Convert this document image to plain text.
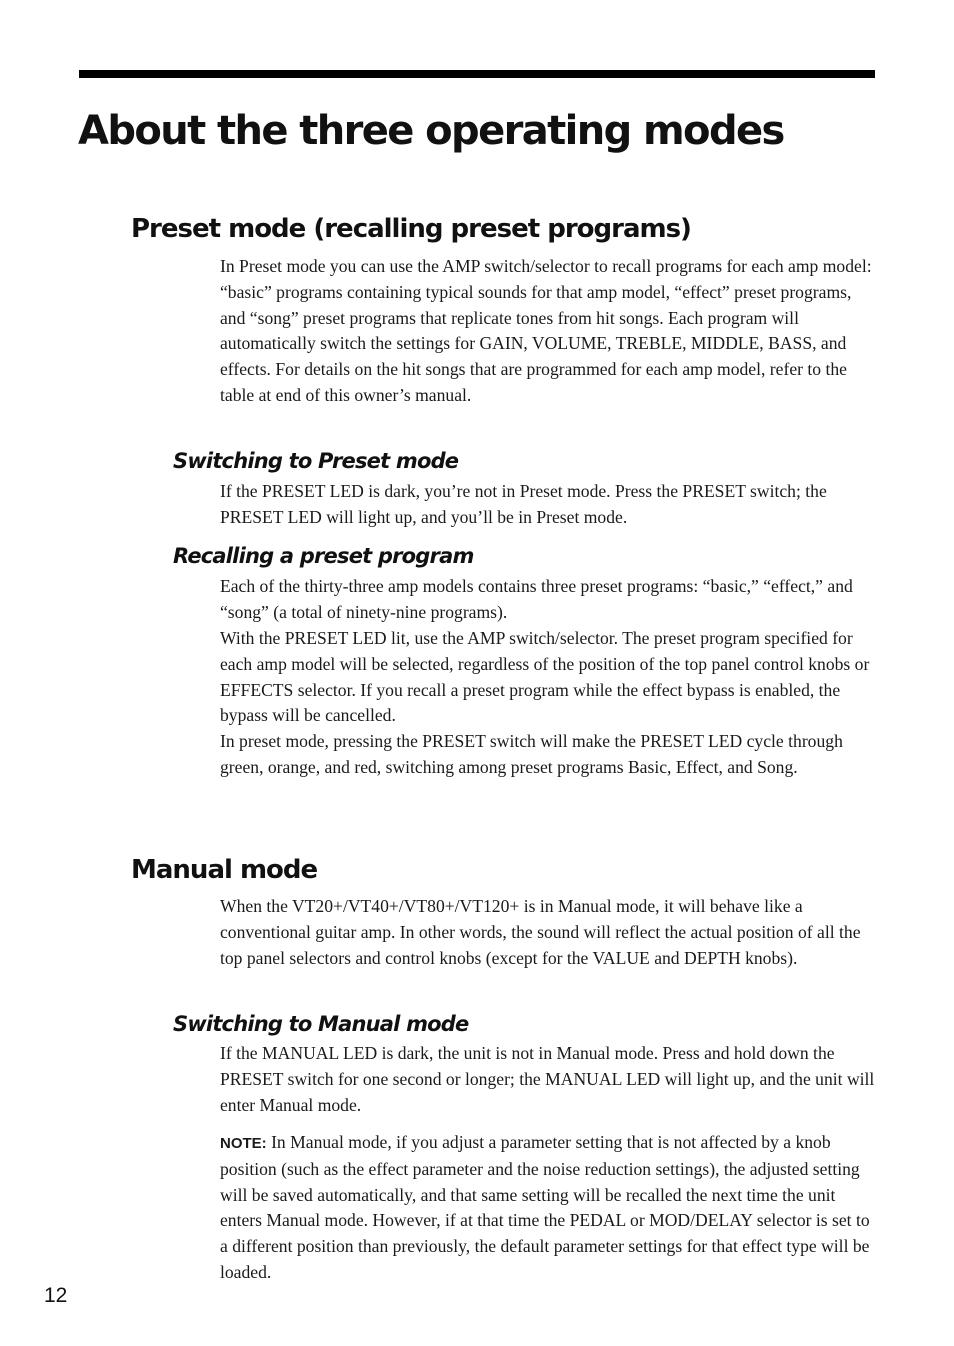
About the three operating modes
Preset mode (recalling preset programs)

In Preset mode you can use the AMP switch/selector to recall programs for each amp model: “basic” programs containing typical sounds for that amp model, “effect” preset programs, and “song” preset programs that replicate tones from hit songs. Each program will automatically switch the settings for GAIN, VOLUME, TREBLE, MIDDLE, BASS, and effects. For details on the hit songs that are programmed for each amp model, refer to the table at end of this owner’s manual.

Switching to Preset mode

If the PRESET LED is dark, you’re not in Preset mode. Press the PRESET switch; the PRESET LED will light up, and you’ll be in Preset mode.

Recalling a preset program

Each of the thirty-three amp models contains three preset programs: “basic,” “effect,” and “song” (a total of ninety-nine programs).

With the PRESET LED lit, use the AMP switch/selector. The preset program specified for each amp model will be selected, regardless of the position of the top panel control knobs or EFFECTS selector. If you recall a preset program while the effect bypass is enabled, the bypass will be cancelled.

In preset mode, pressing the PRESET switch will make the PRESET LED cycle through green, orange, and red, switching among preset programs Basic, Effect, and Song.

Manual mode

When the VT20+/VT40+/VT80+/VT120+ is in Manual mode, it will behave like a conventional guitar amp. In other words, the sound will reflect the actual position of all the top panel selectors and control knobs (except for the VALUE and DEPTH knobs).

Switching to Manual mode

If the MANUAL LED is dark, the unit is not in Manual mode. Press and hold down the PRESET switch for one second or longer; the MANUAL LED will light up, and the unit will enter Manual mode.

NOTE: In Manual mode, if you adjust a parameter setting that is not affected by a knob position (such as the effect parameter and the noise reduction settings), the adjusted setting will be saved automatically, and that same setting will be recalled the next time the unit enters Manual mode. However, if at that time the PEDAL or MOD/DELAY selector is set to a different position than previously, the default parameter settings for that effect type will be loaded.

12
